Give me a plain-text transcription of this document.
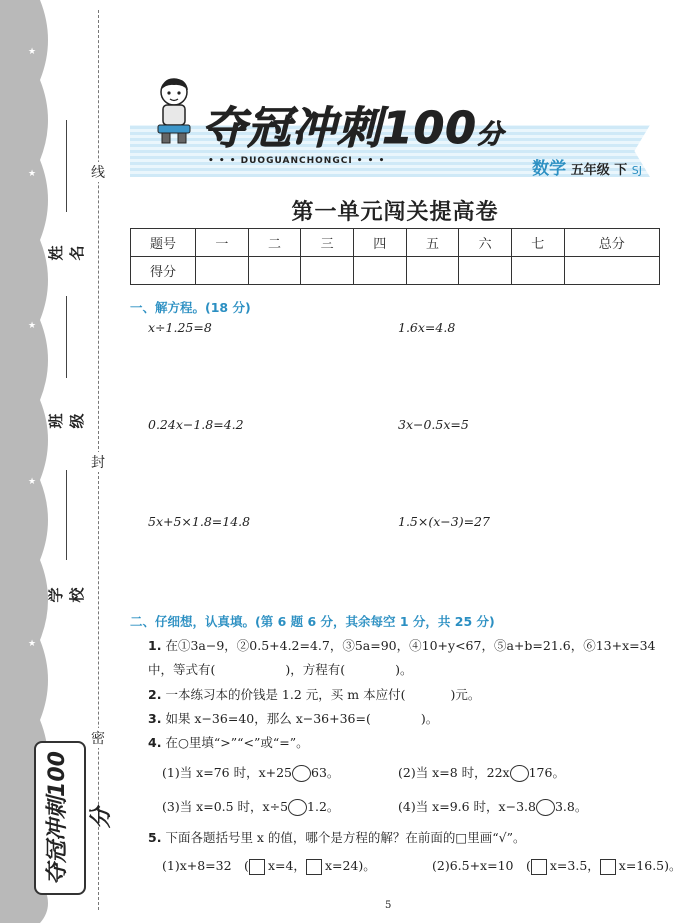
★
★
★
★
★
线
封
密
姓名
班级
学校
夺冠冲刺100分
夺冠冲刺100分
• • • DUOGUANCHONGCI • • •	数学 五年级 下 SJ
第一单元闯关提高卷
题号	一	二	三	四	五	六	七	总分
得分								
一、解方程。(18 分)
x÷1.25=8	1.6x=4.8
0.24x−1.8=4.2	3x−0.5x=5
5x+5×1.8=14.8	1.5×(x−3)=27
二、仔细想，认真填。(第 6 题 6 分，其余每空 1 分，共 25 分)
1. 在①3a−9，②0.5+4.2=4.7，③5a=90，④10+y<67，⑤a+b=21.6，⑥13+x=34
中，等式有(	)，方程有(	)。
2. 一本练习本的价钱是 1.2 元，买 m 本应付(	)元。
3. 如果 x−36=40，那么 x−36+36=(	)。
4. 在○里填“>”“<”或“=”。
(1)当 x=76 时，x+25 63。	(2)当 x=8 时，22x 176。
(3)当 x=0.5 时，x÷5 1.2。	(4)当 x=9.6 时，x−3.8 3.8。
5. 下面各题括号里 x 的值，哪个是方程的解？在前面的□里画“√”。
(1)x+8=32　( x=4， x=24)。	(2)6.5+x=10　( x=3.5， x=16.5)。
5
